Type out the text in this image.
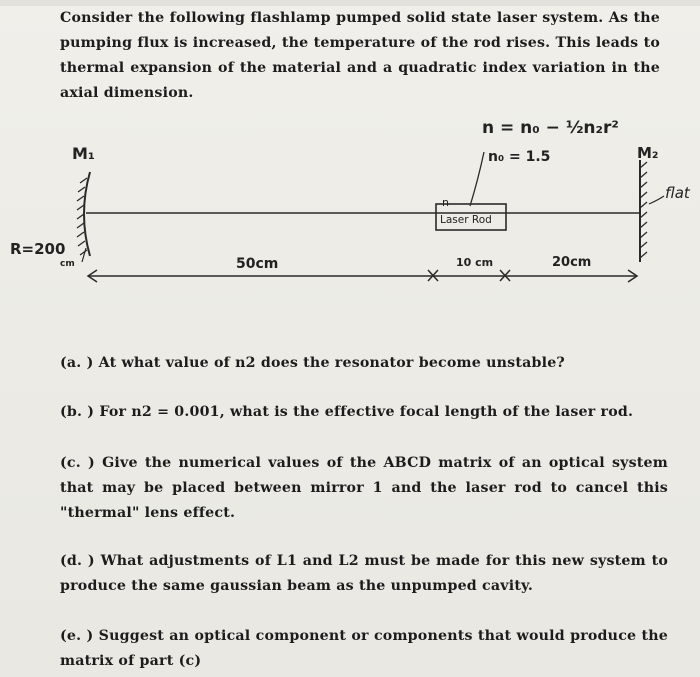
Consider the following flashlamp pumped solid state laser system. As the pumping flux is increased, the temperature of the rod rises. This leads to thermal expansion of the material and a quadratic index variation in the axial dimension.
M₁	M₂
flat
R=200
cm
n = n₀ − ½n₂r²
n₀ = 1.5
n
Laser Rod
50cm	10 cm	20cm
(a. ) At what value of n2 does the resonator become unstable?
(b. ) For n2 = 0.001, what is the effective focal length of the laser rod.
(c. ) Give the numerical values of the ABCD matrix of an optical system that may be placed between mirror 1 and the laser rod to cancel this "thermal" lens effect.
(d. ) What adjustments of L1 and L2 must be made for this new system to produce the same gaussian beam as the unpumped cavity.
(e. ) Suggest an optical component or components that would produce the matrix of part (c)
